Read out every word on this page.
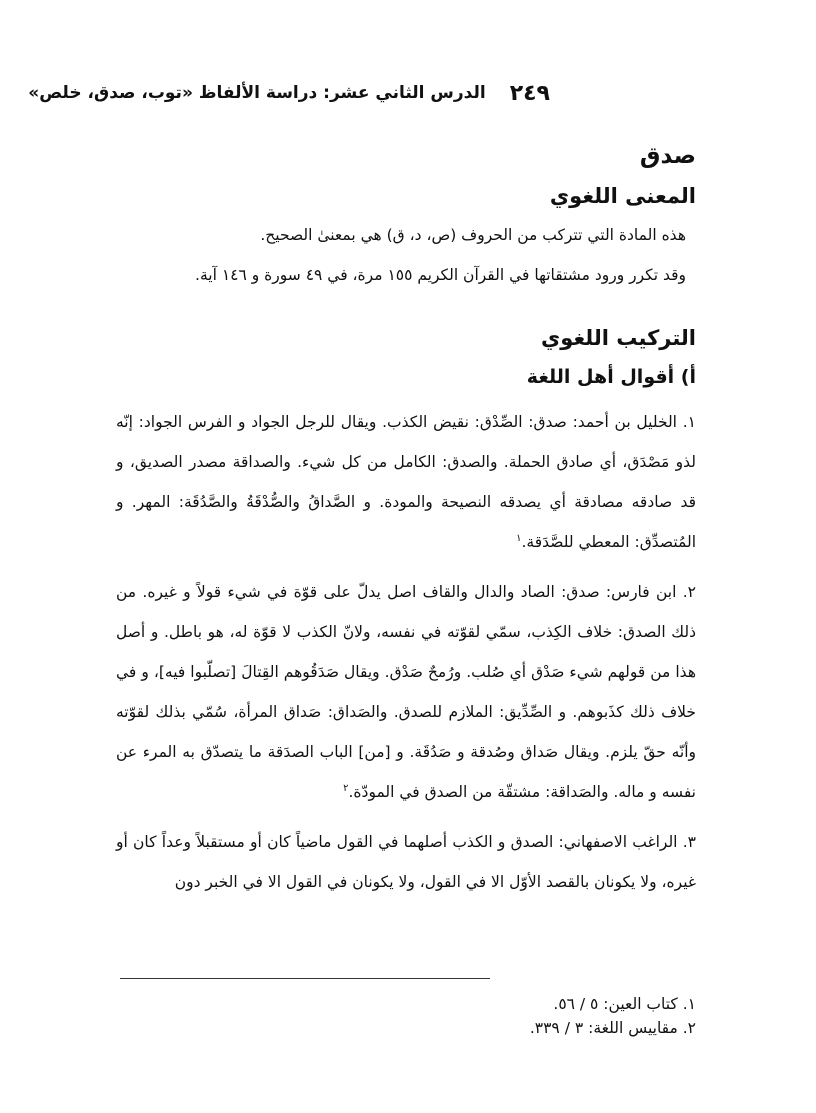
٢٤٩
الدرس الثاني عشر: دراسة الألفاظ «توب، صدق، خلص»
صدق
المعنى اللغوي

هذه المادة التي تتركب من الحروف (ص، د، ق) هي بمعنىٰ الصحيح.

وقد تكرر ورود مشتقاتها في القرآن الكريم ١٥٥ مرة، في ٤٩ سورة و ١٤٦ آية.

التركيب اللغوي
أ) أقوال أهل اللغة

١. الخليل بن أحمد: صدق: الصِّدْق: نقيض الكذب. ويقال للرجل الجواد و الفرس الجواد: إنّه لذو مَصْدَق، أي صادق الحملة. والصدق: الكامل من كل شيء. والصداقة مصدر الصديق، و قد صادقه مصادقة أي يصدقه النصيحة والمودة. و الصَّداقُ والصُّدْقَةُ والصَّدُقَة: المهر. و المُتصدِّق: المعطي للصَّدَقة.$^١$

٢. ابن فارس: صدق: الصاد والدال والقاف اصل يدلّ على قوّة في شيء قولاً و غيره. من ذلك الصدق: خلاف الكِذب، سمّي لقوّته في نفسه، ولانّ الكذب لا قوّة له، هو باطل. و أصل هذا من قولهم شيء صَدْق أي صُلب. ورُمحٌ صَدْق. ويقال صَدَقُوهم القِتالَ [تصلّبوا فيه]، و في خلاف ذلك كذَبوهم. و الصِّدِّيق: الملازم للصدق. والصَداق: صَداق المرأة، سُمّي بذلك لقوّته وأنّه حقّ يلزم. ويقال صَداق وصُدقة و صَدُقَة. و [من] الباب الصدَقة ما يتصدّق به المرء عن نفسه و ماله. والصَداقة: مشتقّة من الصدق في المودّة.$^٢$

٣. الراغب الاصفهاني: الصدق و الكذب أصلهما في القول ماضياً كان أو مستقبلاً وعداً كان أو غيره، ولا يكونان بالقصد الأوّل الا في القول، ولا يكونان في القول الا في الخبر دون

١. كتاب العين: ٥ / ٥٦.

٢. مقاييس اللغة: ٣ / ٣٣٩.
